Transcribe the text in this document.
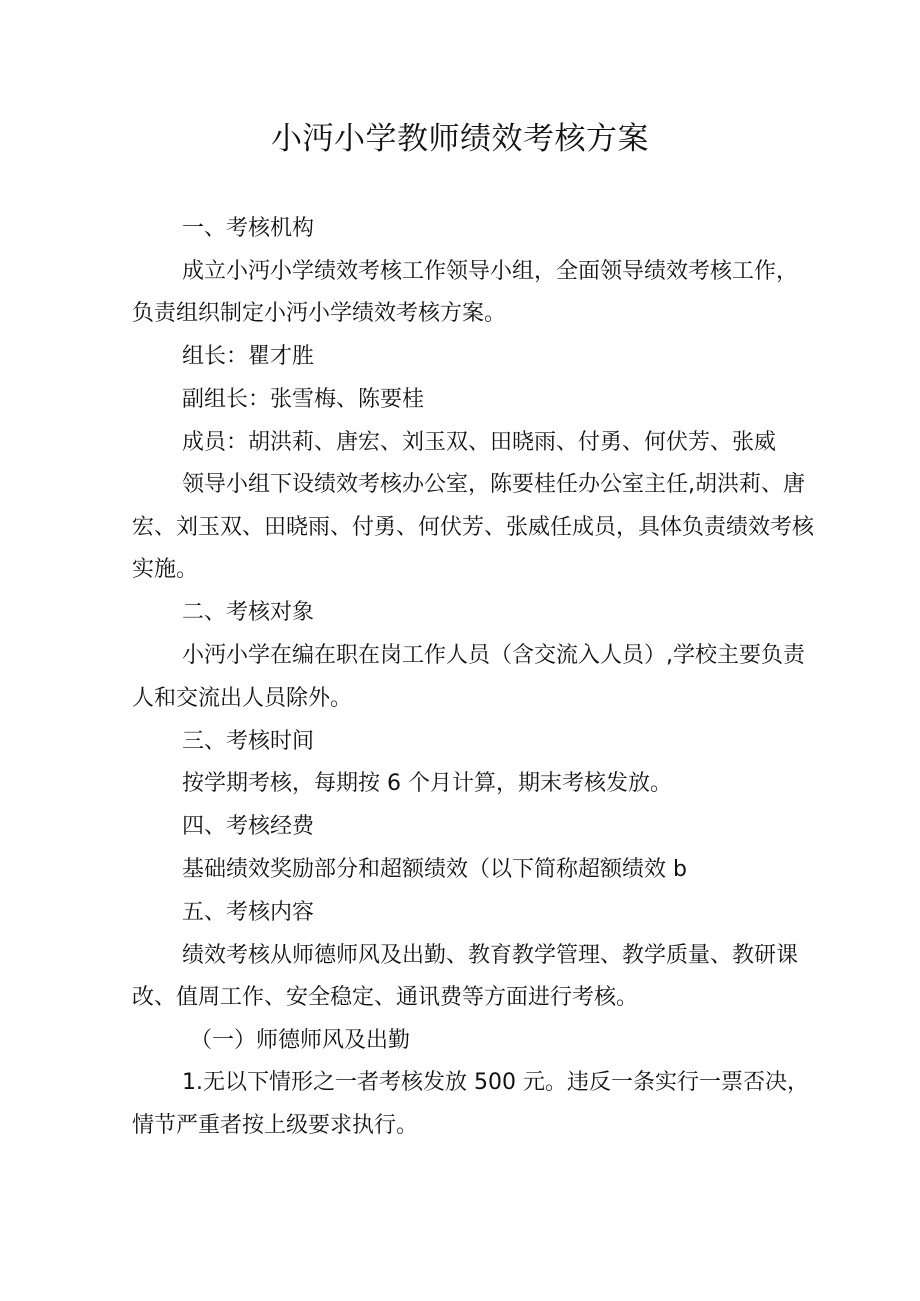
小沔小学教师绩效考核方案

一、考核机构

成立小沔小学绩效考核工作领导小组，全面领导绩效考核工作，

负责组织制定小沔小学绩效考核方案。

组长：瞿才胜

副组长：张雪梅、陈要桂

成员：胡洪莉、唐宏、刘玉双、田晓雨、付勇、何伏芳、张威

领导小组下设绩效考核办公室，陈要桂任办公室主任,胡洪莉、唐

宏、刘玉双、田晓雨、付勇、何伏芳、张威任成员，具体负责绩效考核

实施。

二、考核对象

小沔小学在编在职在岗工作人员（含交流入人员）,学校主要负责

人和交流出人员除外。

三、考核时间

按学期考核，每期按 6 个月计算，期末考核发放。

四、考核经费

基础绩效奖励部分和超额绩效（以下简称超额绩效 b

五、考核内容

绩效考核从师德师风及出勤、教育教学管理、教学质量、教研课

改、值周工作、安全稳定、通讯费等方面进行考核。

（一）师德师风及出勤

1.无以下情形之一者考核发放 500 元。违反一条实行一票否决，

情节严重者按上级要求执行。
